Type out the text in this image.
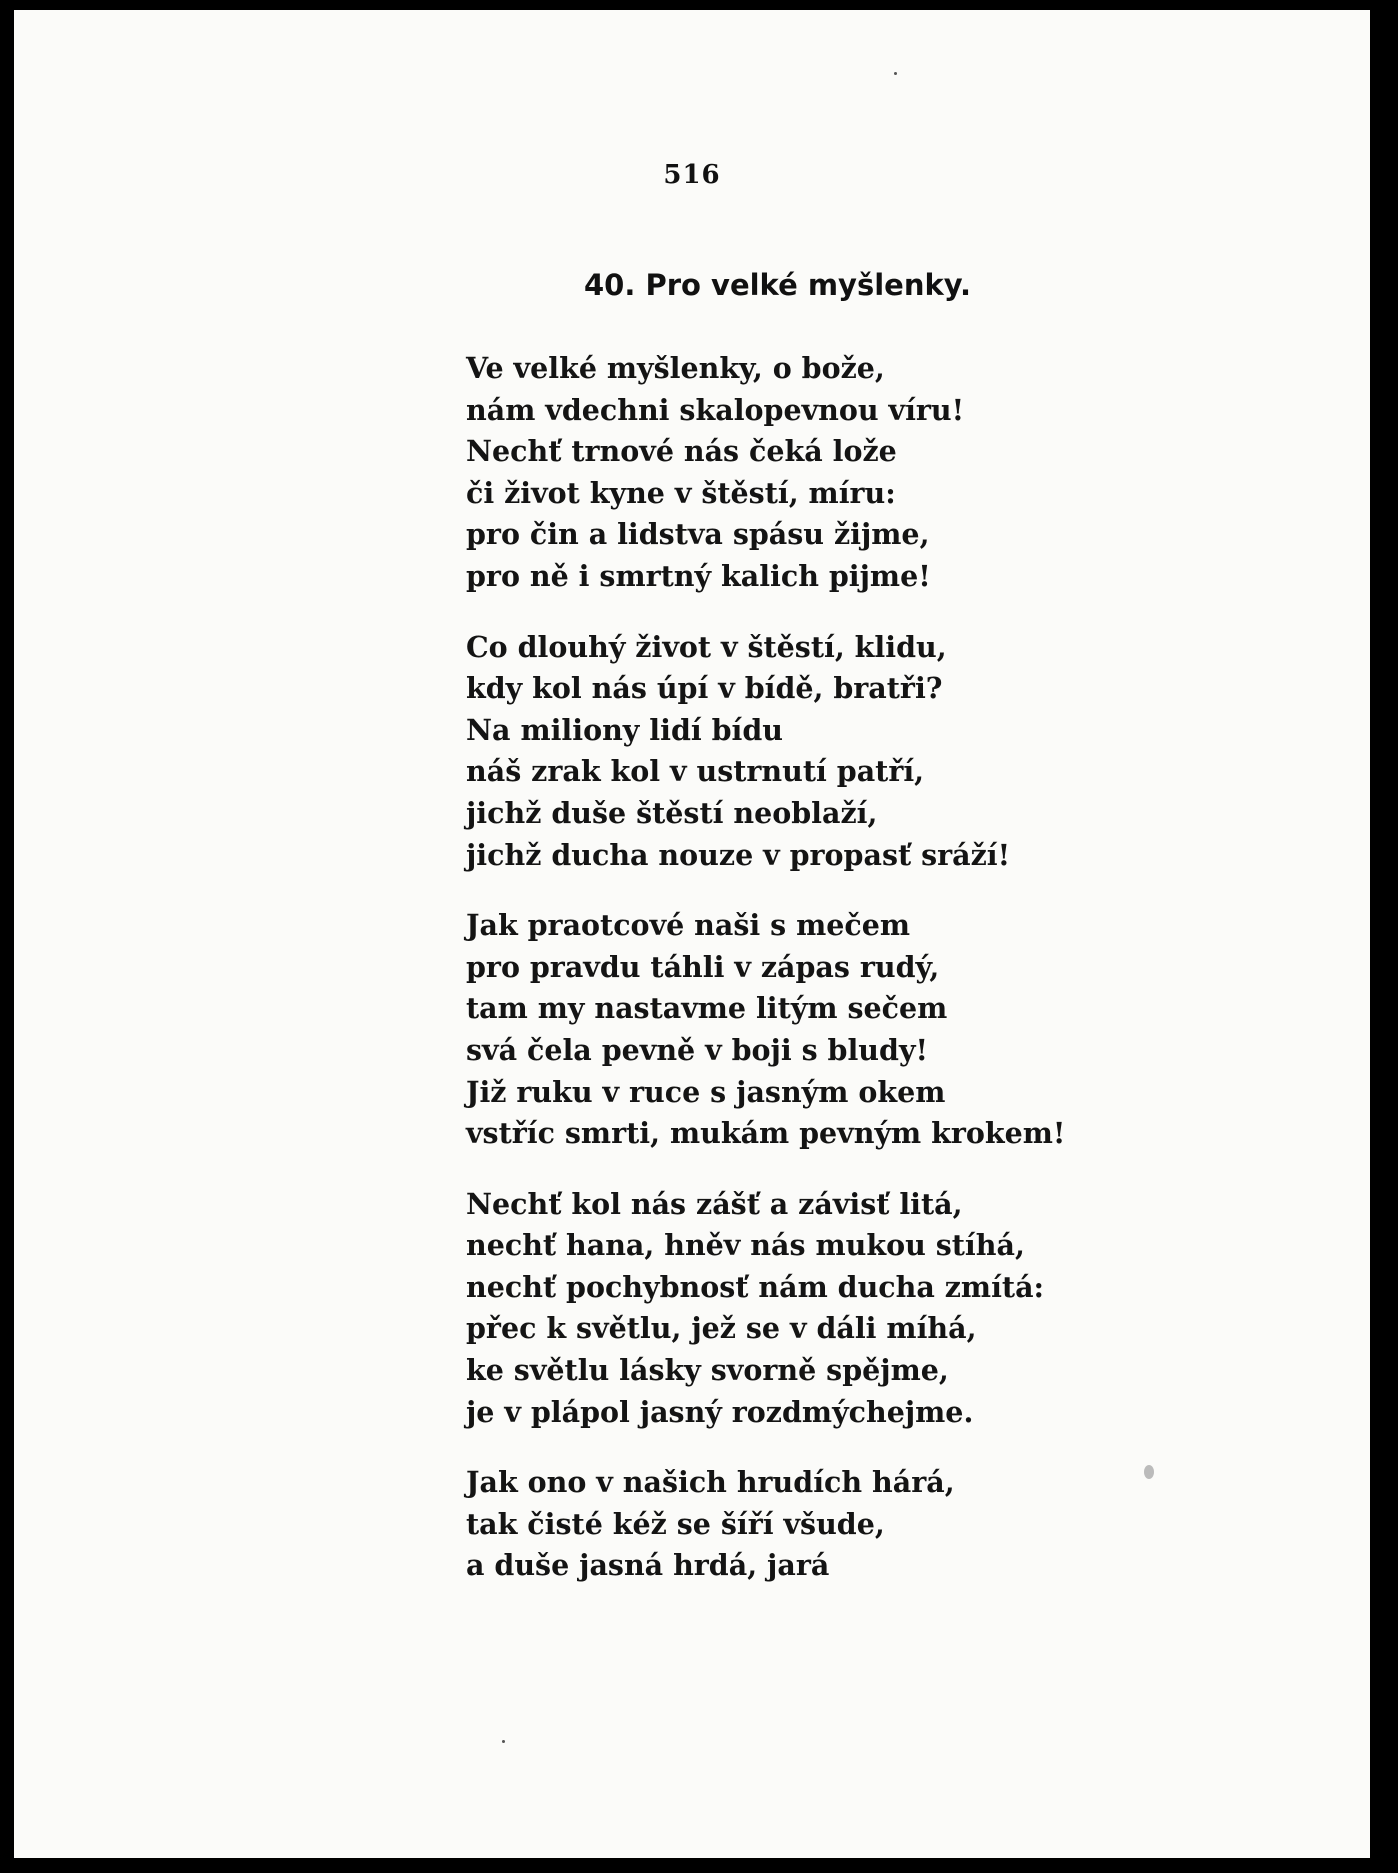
516
40. Pro velké myšlenky.
Ve velké myšlenky, o bože,
nám vdechni skalopevnou víru!
Nechť trnové nás čeká lože
či život kyne v štěstí, míru:
pro čin a lidstva spásu žijme,
pro ně i smrtný kalich pijme!
Co dlouhý život v štěstí, klidu,
kdy kol nás úpí v bídě, bratři?
Na miliony lidí bídu
náš zrak kol v ustrnutí patří,
jichž duše štěstí neoblaží,
jichž ducha nouze v propasť sráží!
Jak praotcové naši s mečem
pro pravdu táhli v zápas rudý,
tam my nastavme litým sečem
svá čela pevně v boji s bludy!
Již ruku v ruce s jasným okem
vstříc smrti, mukám pevným krokem!
Nechť kol nás zášť a závisť litá,
nechť hana, hněv nás mukou stíhá,
nechť pochybnosť nám ducha zmítá:
přec k světlu, jež se v dáli míhá,
ke světlu lásky svorně spějme,
je v plápol jasný rozdmýchejme.
Jak ono v našich hrudích hárá,
tak čisté kéž se šíří všude,
a duše jasná hrdá, jará
